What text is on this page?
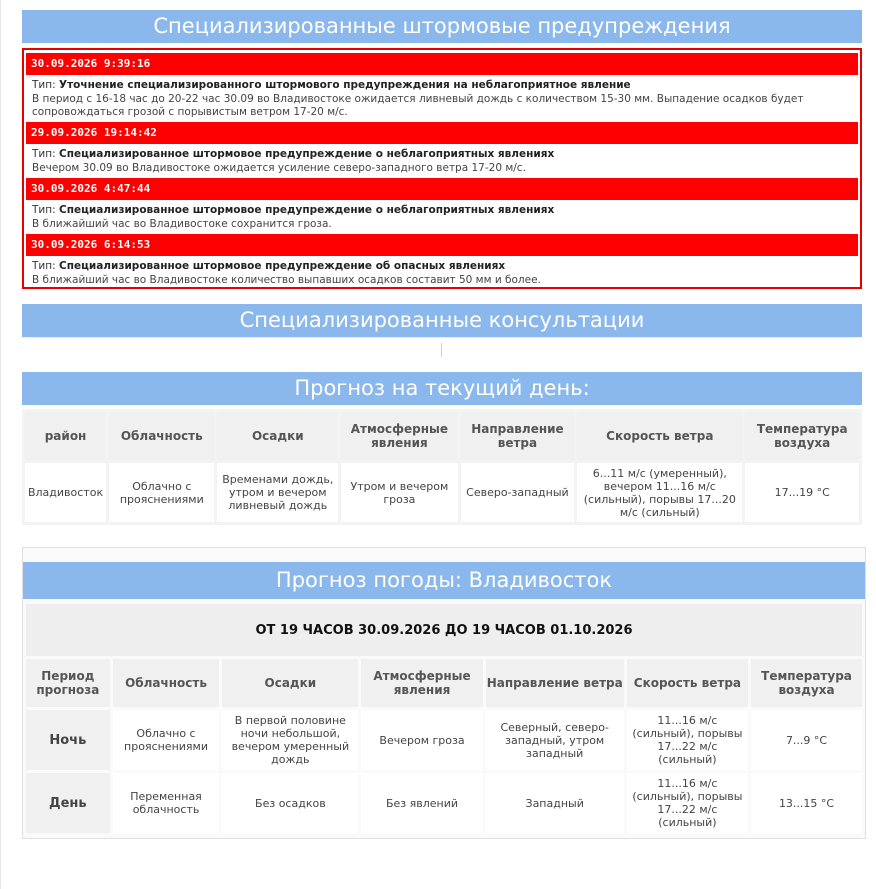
Специализированные штормовые предупреждения
30.09.2026 9:39:16
Тип: Уточнение специализированного штормового предупреждения на неблагоприятное явление
В период с 16-18 час до 20-22 час 30.09 во Владивостоке ожидается ливневый дождь с количеством 15-30 мм. Выпадение осадков будет сопровождаться грозой с порывистым ветром 17-20 м/с.
29.09.2026 19:14:42
Тип: Специализированное штормовое предупреждение о неблагоприятных явлениях
Вечером 30.09 во Владивостоке ожидается усиление северо-западного ветра 17-20 м/с.
30.09.2026 4:47:44
Тип: Специализированное штормовое предупреждение о неблагоприятных явлениях
В ближайший час во Владивостоке сохранится гроза.
30.09.2026 6:14:53
Тип: Специализированное штормовое предупреждение об опасных явлениях
В ближайший час во Владивостоке количество выпавших осадков составит 50 мм и более.
Специализированные консультации
Прогноз на текущий день:
район	Облачность	Осадки	Атмосферные явления	Направление ветра	Скорость ветра	Температура воздуха
Владивосток	Облачно с прояснениями	Временами дождь, утром и вечером ливневый дождь	Утром и вечером гроза	Северо-западный	6...11 м/с (умеренный), вечером 11...16 м/с (сильный), порывы 17...20 м/с (сильный)	17...19 °C
Прогноз погоды: Владивосток
ОТ 19 ЧАСОВ 30.09.2026 ДО 19 ЧАСОВ 01.10.2026						
Период прогноза	Облачность	Осадки	Атмосферные явления	Направление ветра	Скорость ветра	Температура воздуха
Ночь	Облачно с прояснениями	В первой половине ночи небольшой, вечером умеренный дождь	Вечером гроза	Северный, северо-западный, утром западный	11...16 м/с (сильный), порывы 17...22 м/с (сильный)	7...9 °C
День	Переменная облачность	Без осадков	Без явлений	Западный	11...16 м/с (сильный), порывы 17...22 м/с (сильный)	13...15 °C
